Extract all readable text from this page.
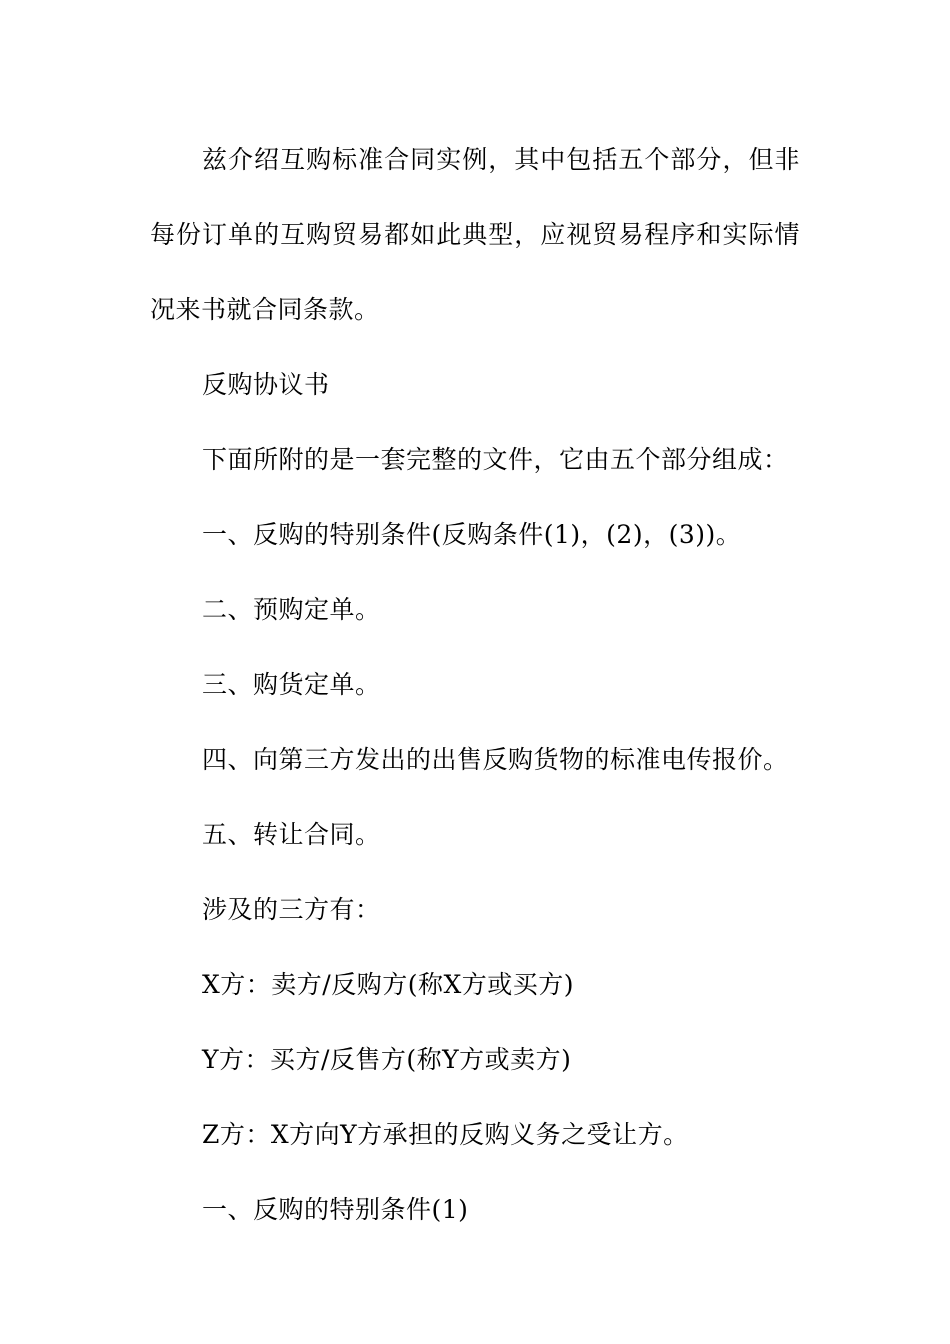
兹介绍互购标准合同实例，其中包括五个部分，但非每份订单的互购贸易都如此典型，应视贸易程序和实际情况来书就合同条款。

反购协议书

下面所附的是一套完整的文件，它由五个部分组成：

一、反购的特别条件(反购条件(1)，(2)，(3))。

二、预购定单。

三、购货定单。

四、向第三方发出的出售反购货物的标准电传报价。

五、转让合同。

涉及的三方有：

X方：卖方/反购方(称X方或买方)

Y方：买方/反售方(称Y方或卖方)

Z方：X方向Y方承担的反购义务之受让方。

一、反购的特别条件(1)
